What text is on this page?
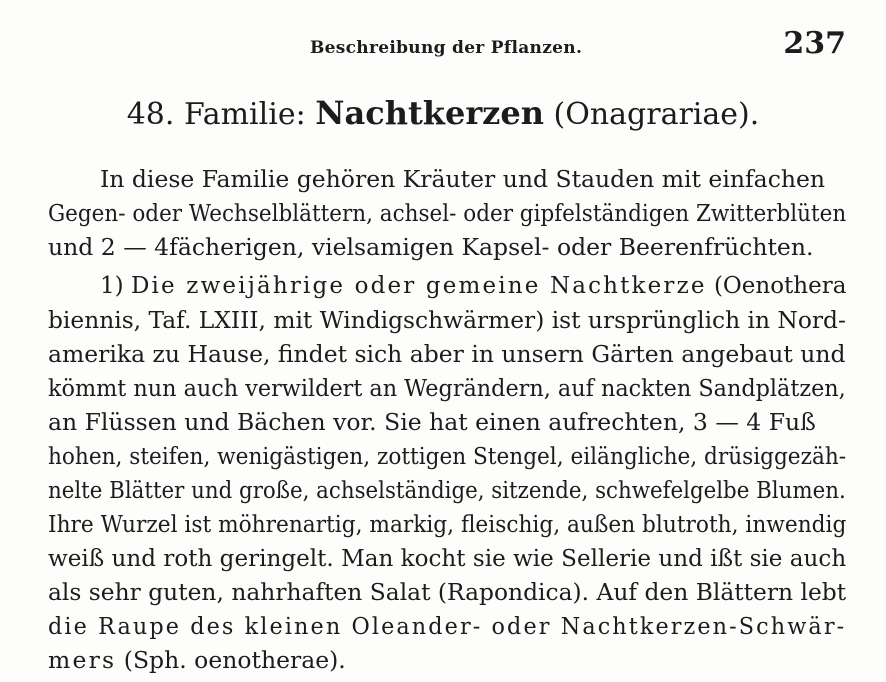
Beschreibung der Pflanzen.	237
48. Familie: Nachtkerzen (Onagrariae).
In diese Familie gehören Kräuter und Stauden mit einfachen
Gegen- oder Wechselblättern, achsel- oder gipfelständigen Zwitterblüten
und 2 — 4fächerigen, vielsamigen Kapsel- oder Beerenfrüchten.
1) Die zweijährige oder gemeine Nachtkerze (Oenothera
biennis, Taf. LXIII, mit Windigschwärmer) ist ursprünglich in Nord-
amerika zu Hause, findet sich aber in unsern Gärten angebaut und
kömmt nun auch verwildert an Wegrändern, auf nackten Sandplätzen,
an Flüssen und Bächen vor. Sie hat einen aufrechten, 3 — 4 Fuß
hohen, steifen, wenigästigen, zottigen Stengel, eilängliche, drüsiggezäh-
nelte Blätter und große, achselständige, sitzende, schwefelgelbe Blumen.
Ihre Wurzel ist möhrenartig, markig, fleischig, außen blutroth, inwendig
weiß und roth geringelt. Man kocht sie wie Sellerie und ißt sie auch
als sehr guten, nahrhaften Salat (Rapondica). Auf den Blättern lebt
die Raupe des kleinen Oleander- oder Nachtkerzen-Schwär-
mers (Sph. oenotherae).
